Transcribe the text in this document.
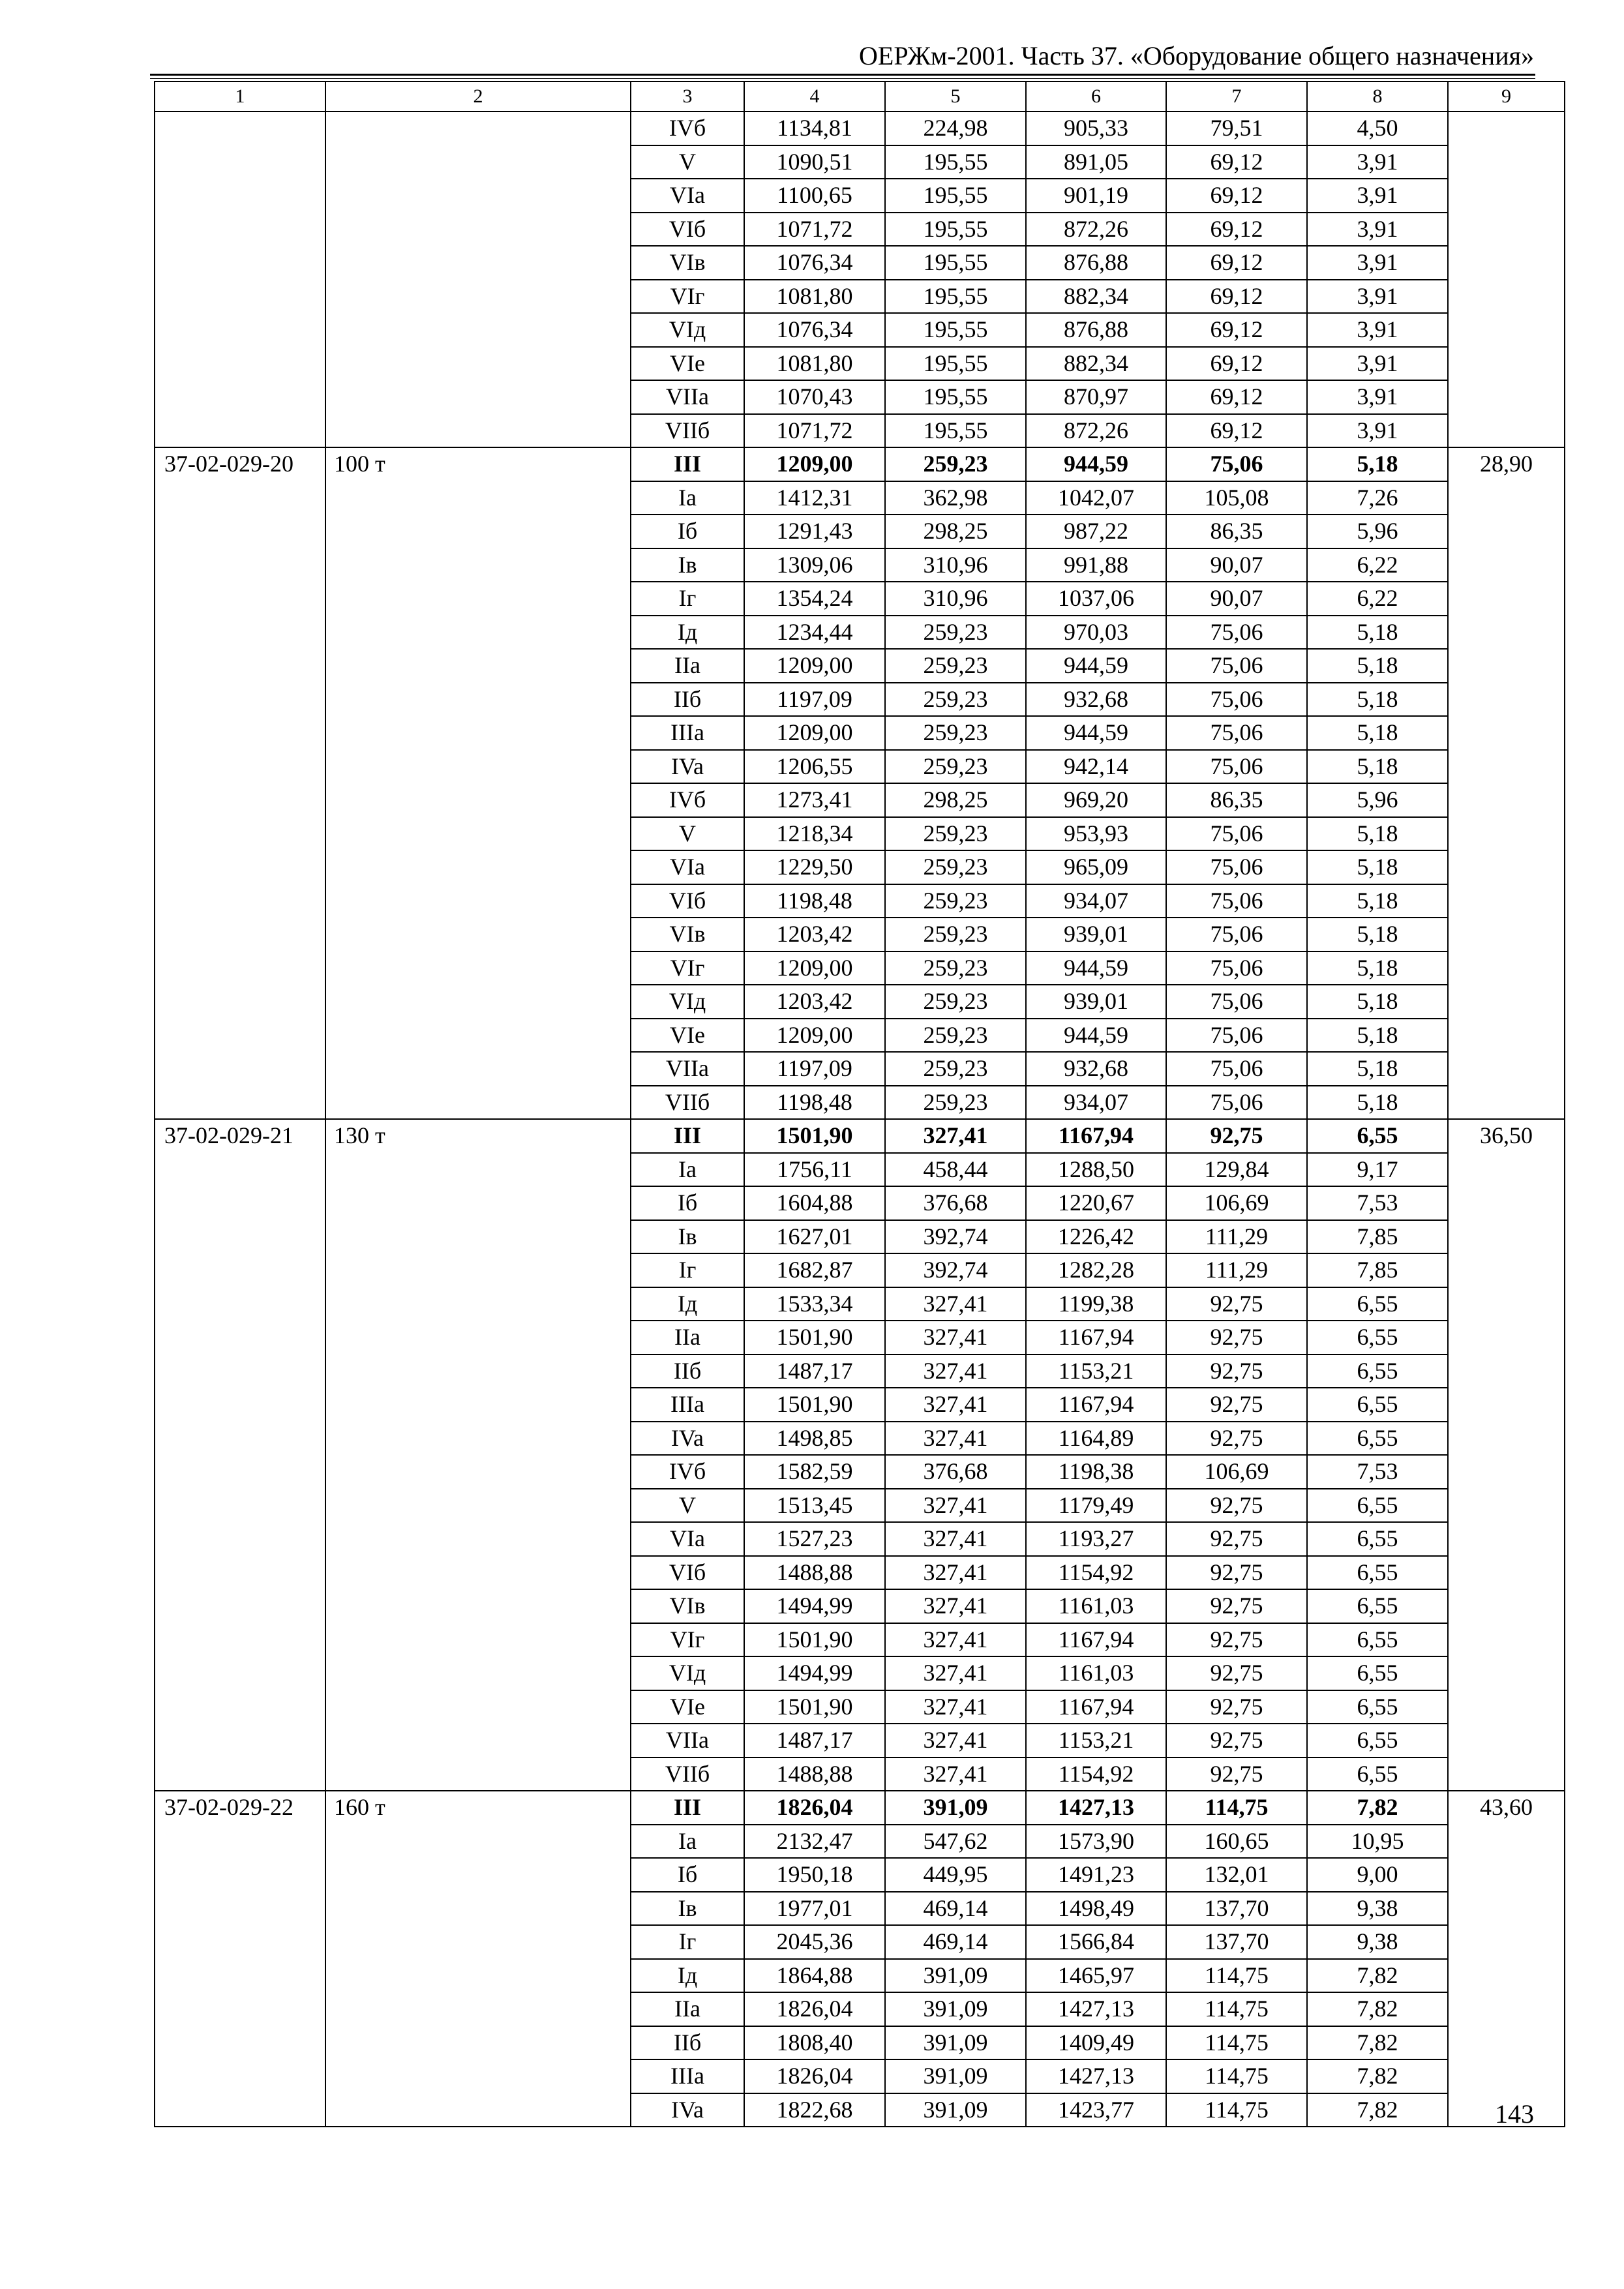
ОЕРЖм-2001. Часть 37. «Оборудование общего назначения»
1	2	3	4	5	6	7	8	9
		IVб	1134,81	224,98	905,33	79,51	4,50	
		V	1090,51	195,55	891,05	69,12	3,91	
		VIa	1100,65	195,55	901,19	69,12	3,91	
		VIб	1071,72	195,55	872,26	69,12	3,91	
		VIв	1076,34	195,55	876,88	69,12	3,91	
		VIг	1081,80	195,55	882,34	69,12	3,91	
		VIд	1076,34	195,55	876,88	69,12	3,91	
		VIe	1081,80	195,55	882,34	69,12	3,91	
		VIIa	1070,43	195,55	870,97	69,12	3,91	
		VIIб	1071,72	195,55	872,26	69,12	3,91	
37-02-029-20	100 т	III	1209,00	259,23	944,59	75,06	5,18	28,90
		Ia	1412,31	362,98	1042,07	105,08	7,26	
		Iб	1291,43	298,25	987,22	86,35	5,96	
		Iв	1309,06	310,96	991,88	90,07	6,22	
		Iг	1354,24	310,96	1037,06	90,07	6,22	
		Iд	1234,44	259,23	970,03	75,06	5,18	
		IIa	1209,00	259,23	944,59	75,06	5,18	
		IIб	1197,09	259,23	932,68	75,06	5,18	
		IIIa	1209,00	259,23	944,59	75,06	5,18	
		IVa	1206,55	259,23	942,14	75,06	5,18	
		IVб	1273,41	298,25	969,20	86,35	5,96	
		V	1218,34	259,23	953,93	75,06	5,18	
		VIa	1229,50	259,23	965,09	75,06	5,18	
		VIб	1198,48	259,23	934,07	75,06	5,18	
		VIв	1203,42	259,23	939,01	75,06	5,18	
		VIг	1209,00	259,23	944,59	75,06	5,18	
		VIд	1203,42	259,23	939,01	75,06	5,18	
		VIe	1209,00	259,23	944,59	75,06	5,18	
		VIIa	1197,09	259,23	932,68	75,06	5,18	
		VIIб	1198,48	259,23	934,07	75,06	5,18	
37-02-029-21	130 т	III	1501,90	327,41	1167,94	92,75	6,55	36,50
		Ia	1756,11	458,44	1288,50	129,84	9,17	
		Iб	1604,88	376,68	1220,67	106,69	7,53	
		Iв	1627,01	392,74	1226,42	111,29	7,85	
		Iг	1682,87	392,74	1282,28	111,29	7,85	
		Iд	1533,34	327,41	1199,38	92,75	6,55	
		IIa	1501,90	327,41	1167,94	92,75	6,55	
		IIб	1487,17	327,41	1153,21	92,75	6,55	
		IIIa	1501,90	327,41	1167,94	92,75	6,55	
		IVa	1498,85	327,41	1164,89	92,75	6,55	
		IVб	1582,59	376,68	1198,38	106,69	7,53	
		V	1513,45	327,41	1179,49	92,75	6,55	
		VIa	1527,23	327,41	1193,27	92,75	6,55	
		VIб	1488,88	327,41	1154,92	92,75	6,55	
		VIв	1494,99	327,41	1161,03	92,75	6,55	
		VIг	1501,90	327,41	1167,94	92,75	6,55	
		VIд	1494,99	327,41	1161,03	92,75	6,55	
		VIe	1501,90	327,41	1167,94	92,75	6,55	
		VIIa	1487,17	327,41	1153,21	92,75	6,55	
		VIIб	1488,88	327,41	1154,92	92,75	6,55	
37-02-029-22	160 т	III	1826,04	391,09	1427,13	114,75	7,82	43,60
		Ia	2132,47	547,62	1573,90	160,65	10,95	
		Iб	1950,18	449,95	1491,23	132,01	9,00	
		Iв	1977,01	469,14	1498,49	137,70	9,38	
		Iг	2045,36	469,14	1566,84	137,70	9,38	
		Iд	1864,88	391,09	1465,97	114,75	7,82	
		IIa	1826,04	391,09	1427,13	114,75	7,82	
		IIб	1808,40	391,09	1409,49	114,75	7,82	
		IIIa	1826,04	391,09	1427,13	114,75	7,82	
		IVa	1822,68	391,09	1423,77	114,75	7,82		143
